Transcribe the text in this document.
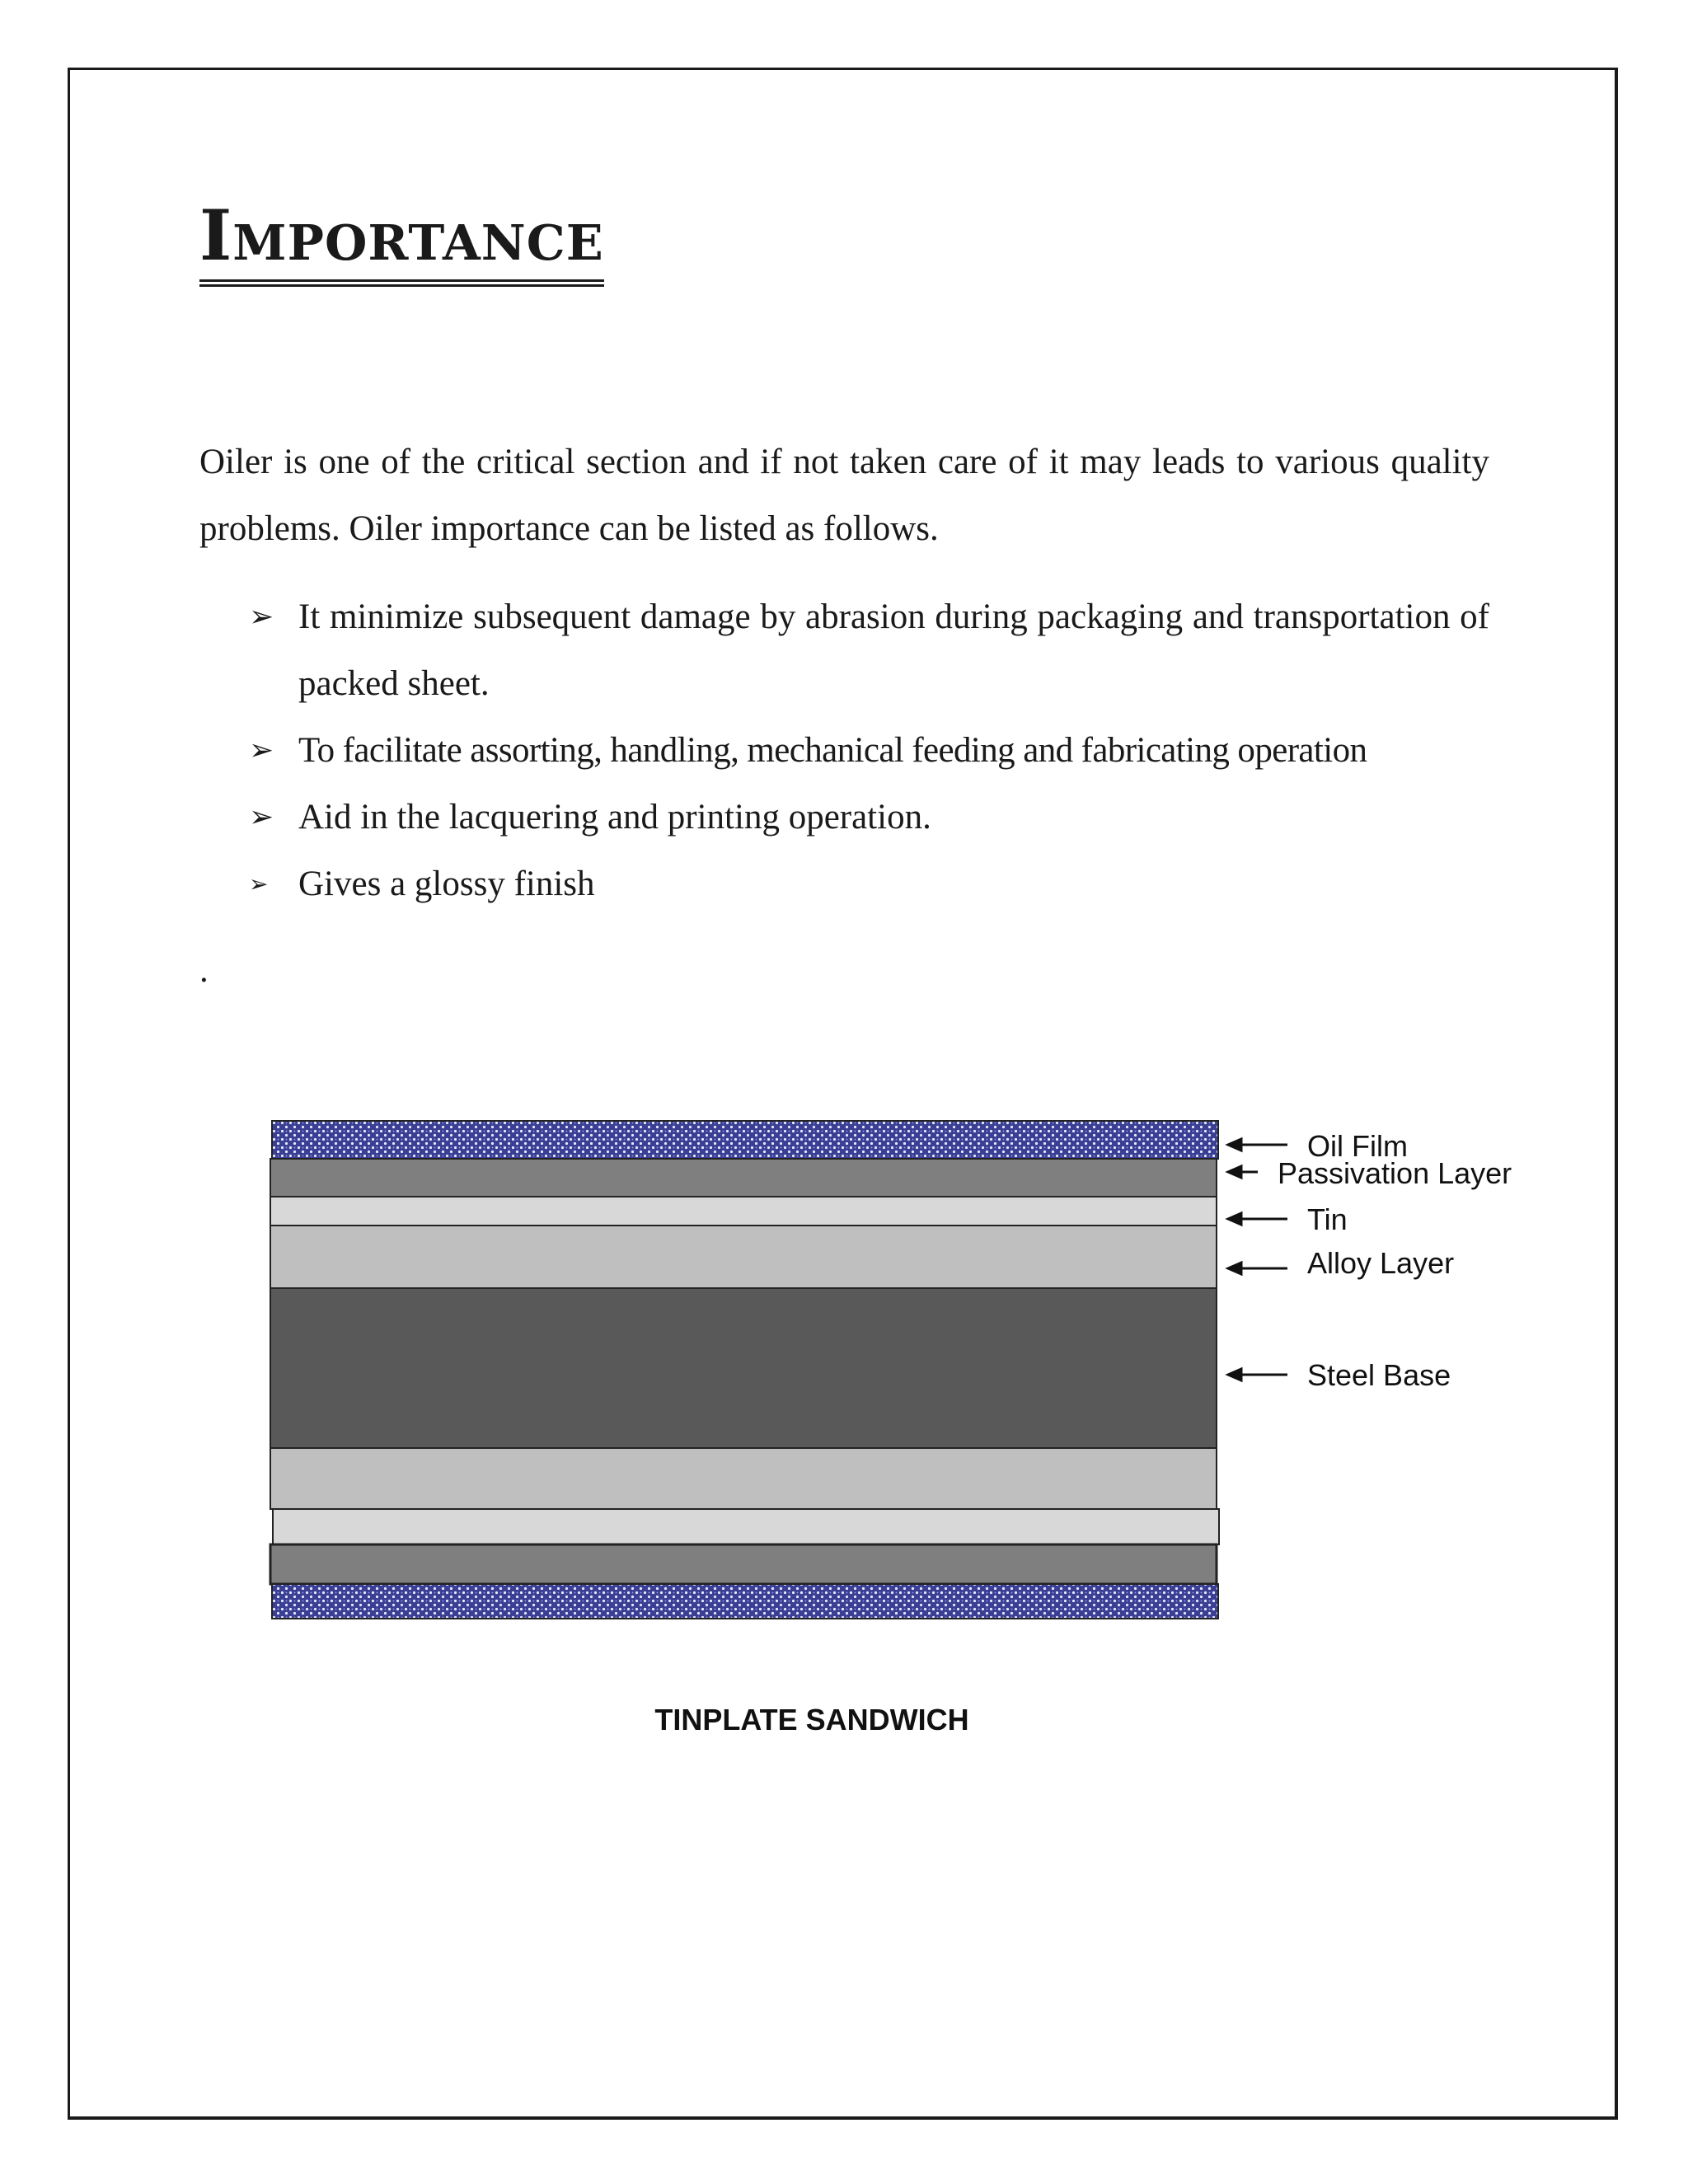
Importance

Oiler is one of the critical section and if not taken care of it may leads to various quality problems. Oiler importance can be listed as follows.

➢ It minimize subsequent damage by abrasion during packaging and transportation of packed sheet.
➢ To facilitate assorting, handling, mechanical feeding and fabricating operation
➢ Aid in the lacquering and printing operation.
➢ Gives a glossy finish
.
Oil Film
Passivation Layer
Tin
Alloy Layer
Steel Base

TINPLATE SANDWICH
